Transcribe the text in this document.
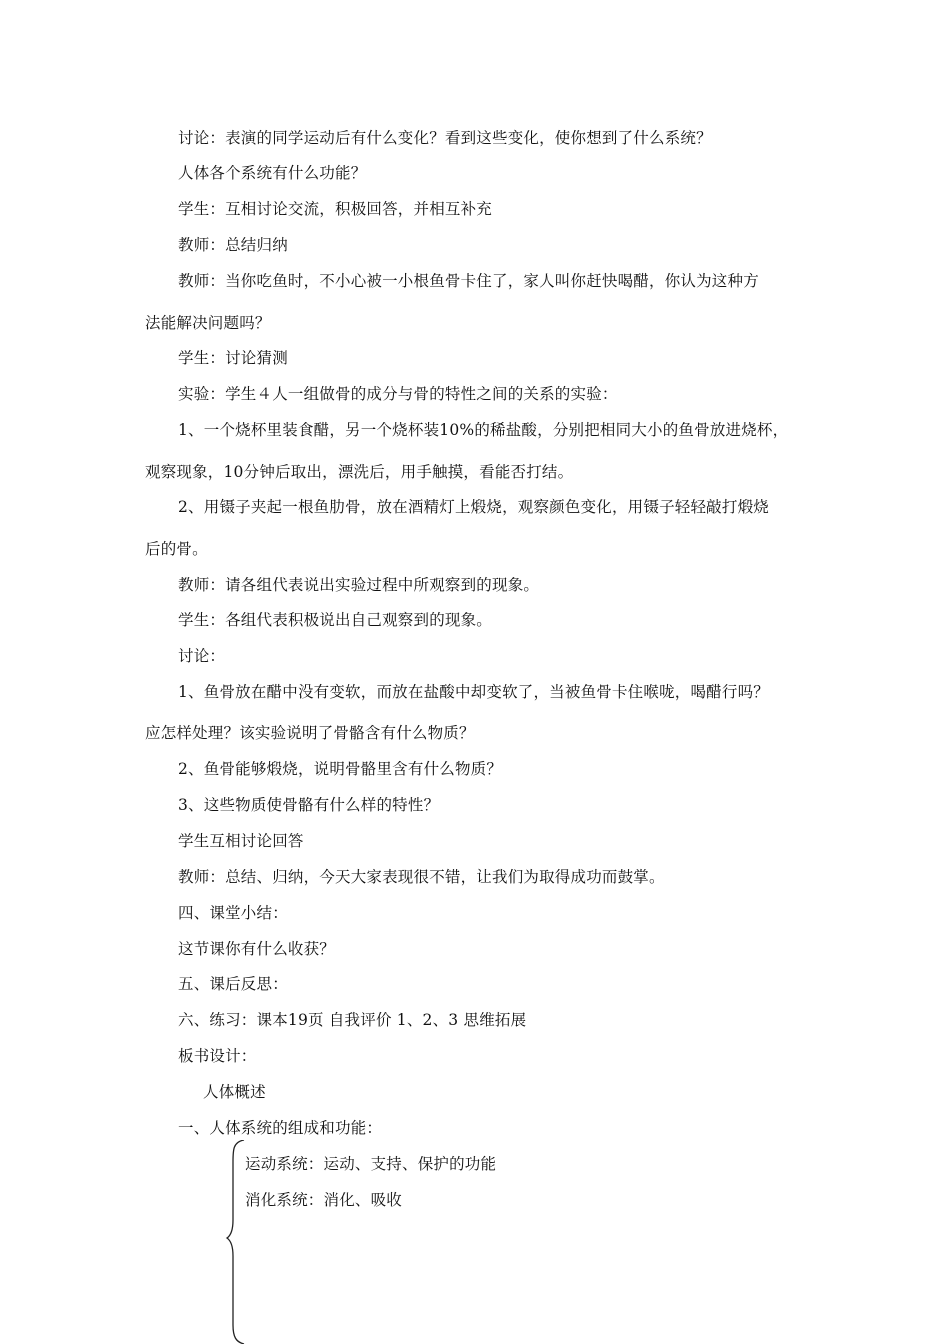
讨论：表演的同学运动后有什么变化？看到这些变化，使你想到了什么系统？
人体各个系统有什么功能？
学生：互相讨论交流，积极回答，并相互补充
教师：总结归纳
教师：当你吃鱼时，不小心被一小根鱼骨卡住了，家人叫你赶快喝醋，你认为这种方
法能解决问题吗？
学生：讨论猜测
实验：学生４人一组做骨的成分与骨的特性之间的关系的实验：
1、一个烧杯里装食醋，另一个烧杯装10%的稀盐酸，分别把相同大小的鱼骨放进烧杯，
观察现象，10分钟后取出，漂洗后，用手触摸，看能否打结。
2、用镊子夹起一根鱼肋骨，放在酒精灯上煅烧，观察颜色变化，用镊子轻轻敲打煅烧
后的骨。
教师：请各组代表说出实验过程中所观察到的现象。
学生：各组代表积极说出自己观察到的现象。
讨论：
1、鱼骨放在醋中没有变软，而放在盐酸中却变软了，当被鱼骨卡住喉咙，喝醋行吗？
应怎样处理？该实验说明了骨骼含有什么物质？
2、鱼骨能够煅烧，说明骨骼里含有什么物质？
3、这些物质使骨骼有什么样的特性？
学生互相讨论回答
教师：总结、归纳，今天大家表现很不错，让我们为取得成功而鼓掌。
四、课堂小结：
这节课你有什么收获？
五、课后反思：
六、练习：课本19页 自我评价 1、2、3 思维拓展
板书设计：
人体概述
一、人体系统的组成和功能：
运动系统：运动、支持、保护的功能
消化系统：消化、吸收
